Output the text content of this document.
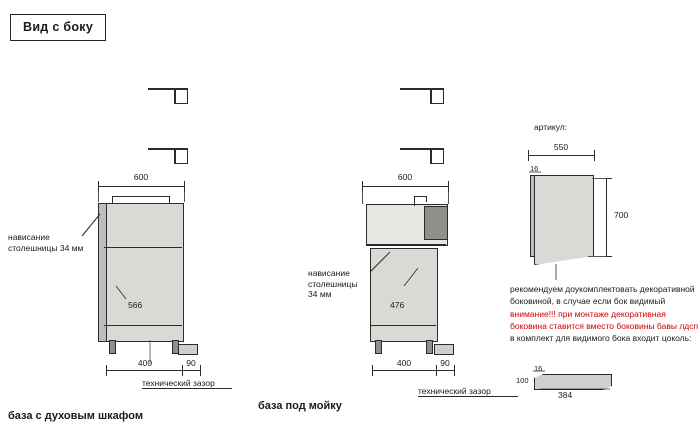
Вид с боку
600
566
400	90
технический зазор
нависание
столешницы 34 мм
база с духовым шкафом
600
476
400	90
технический зазор
нависание
столешницы
34 мм
база под мойку
артикул:
550
16
700
рекомендуем доукомплектовать декоративной
боковиной, в случае если бок видимый
внимание!!! при монтаже декоративная
боковина ставится вместо боковины бавы лдсп
в комплект для видимого бока входит цоколь:
16
100
384
